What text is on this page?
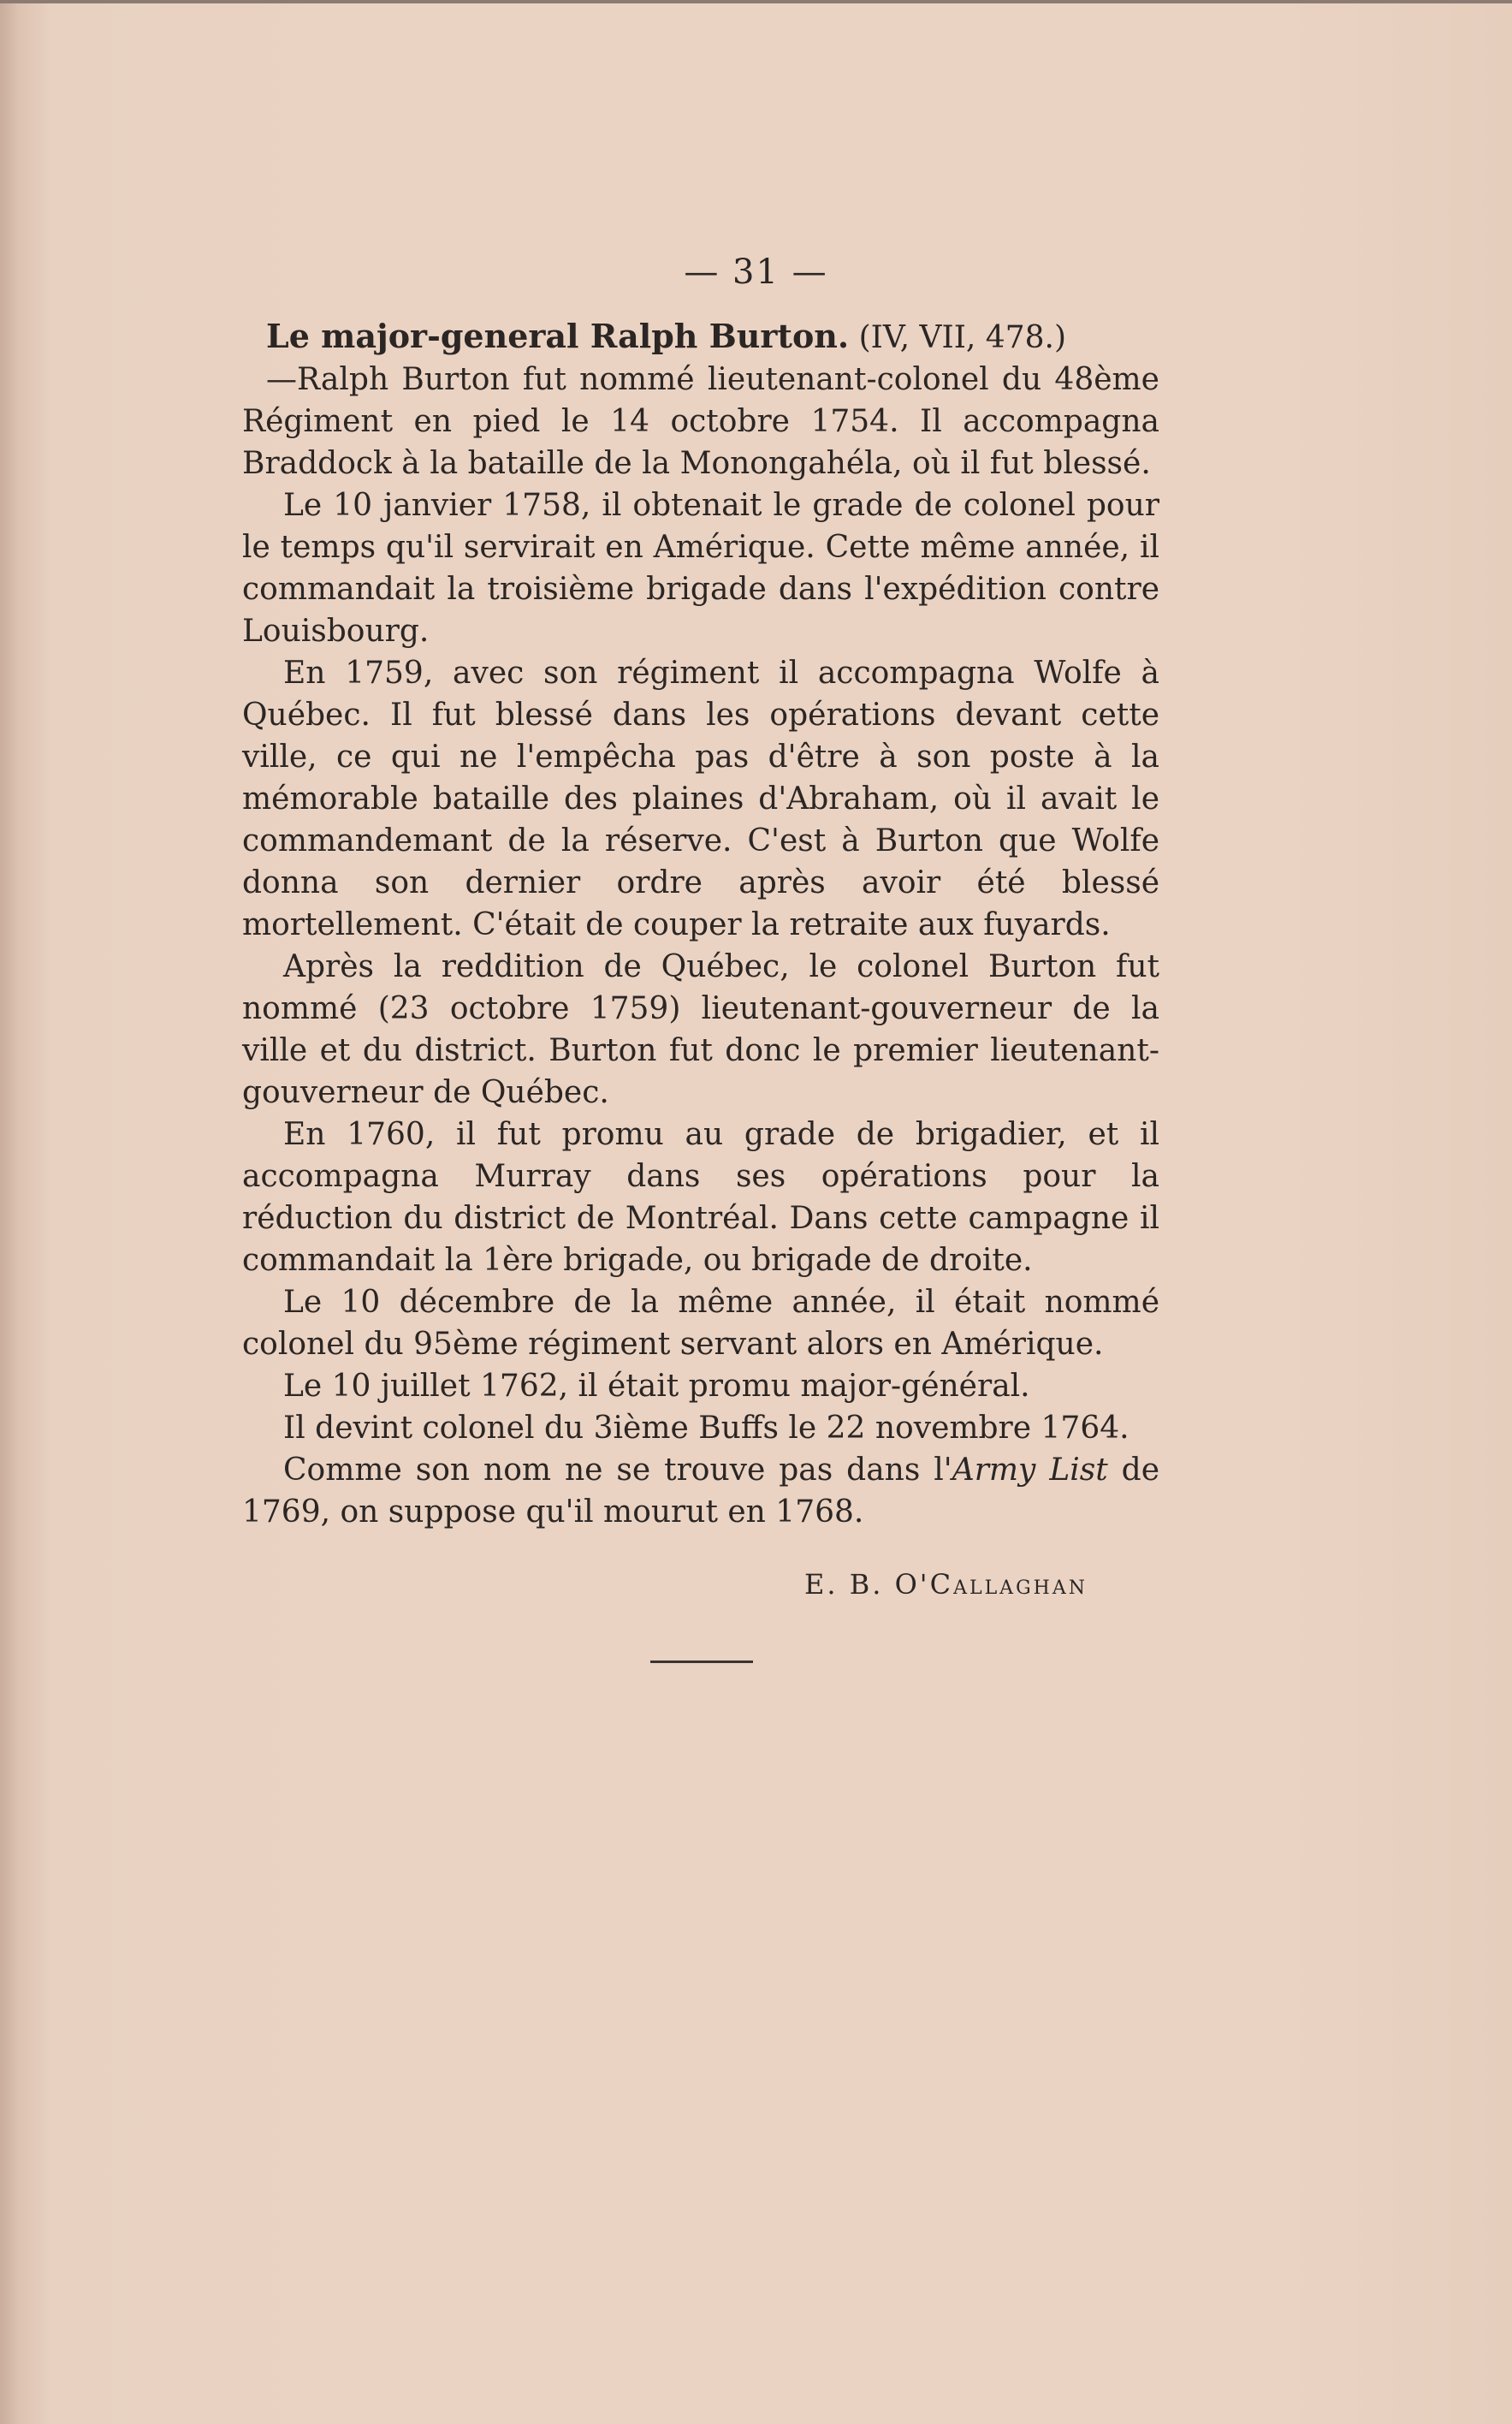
— 31 —

Le major-general Ralph Burton. (IV, VII, 478.)
—Ralph Burton fut nommé lieutenant-colonel du 48ème Régiment en pied le 14 octobre 1754. Il accompagna Braddock à la bataille de la Monongahéla, où il fut blessé.

Le 10 janvier 1758, il obtenait le grade de colonel pour le temps qu'il servirait en Amérique. Cette même année, il commandait la troisième brigade dans l'expédition contre Louisbourg.

En 1759, avec son régiment il accompagna Wolfe à Québec. Il fut blessé dans les opérations devant cette ville, ce qui ne l'empêcha pas d'être à son poste à la mémorable bataille des plaines d'Abraham, où il avait le commandemant de la réserve. C'est à Burton que Wolfe donna son dernier ordre après avoir été blessé mortellement. C'était de couper la retraite aux fuyards.

Après la reddition de Québec, le colonel Burton fut nommé (23 octobre 1759) lieutenant-gouverneur de la ville et du district. Burton fut donc le premier lieutenant-gouverneur de Québec.

En 1760, il fut promu au grade de brigadier, et il accompagna Murray dans ses opérations pour la réduction du district de Montréal. Dans cette campagne il commandait la 1ère brigade, ou brigade de droite.

Le 10 décembre de la même année, il était nommé colonel du 95ème régiment servant alors en Amérique.

Le 10 juillet 1762, il était promu major-général.

Il devint colonel du 3ième Buffs le 22 novembre 1764.

Comme son nom ne se trouve pas dans l'Army List de 1769, on suppose qu'il mourut en 1768.

E. B. O'Callaghan
